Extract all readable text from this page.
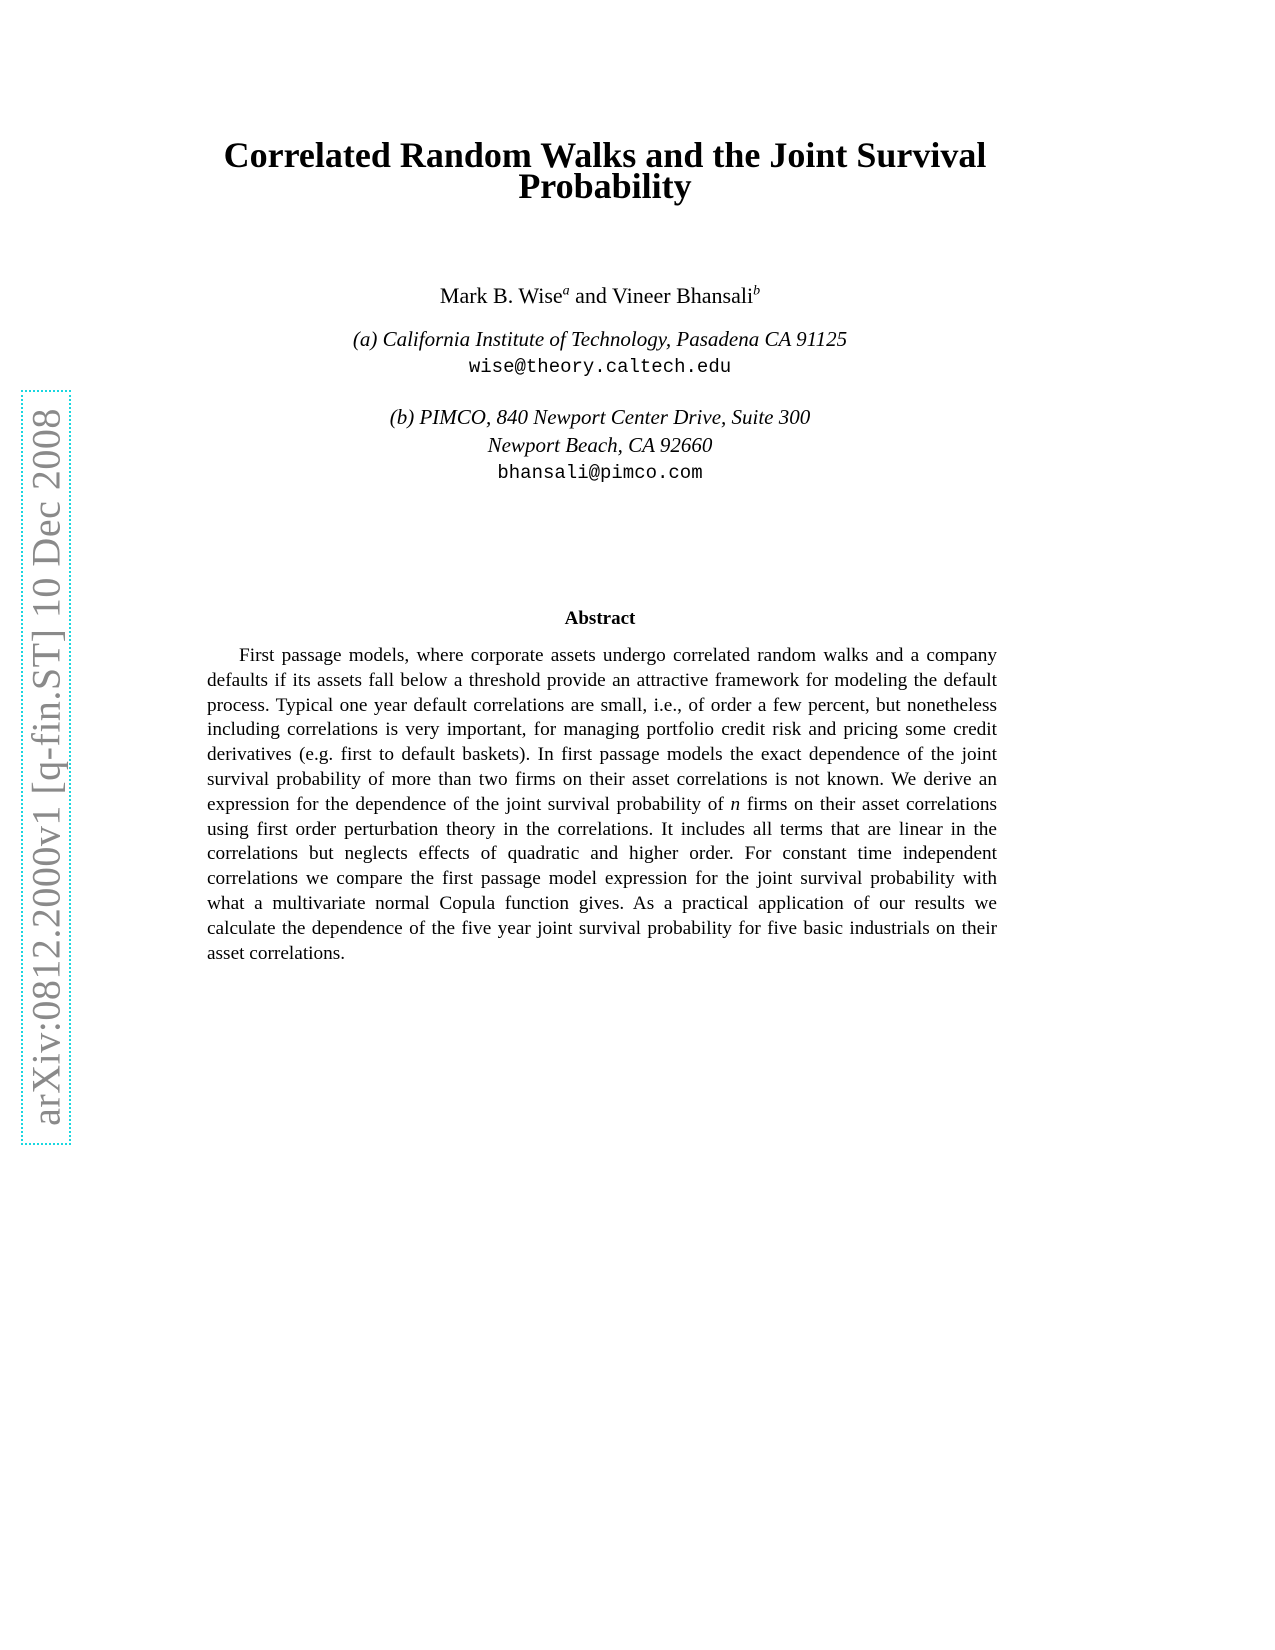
arXiv:0812.2000v1 [q-fin.ST] 10 Dec 2008
Correlated Random Walks and the Joint Survival
Probability
Mark B. Wise$^a$ and Vineer Bhansali$^b$
(a) California Institute of Technology, Pasadena CA 91125
wise@theory.caltech.edu
(b) PIMCO, 840 Newport Center Drive, Suite 300
Newport Beach, CA 92660
bhansali@pimco.com
Abstract

First passage models, where corporate assets undergo correlated random walks and a company defaults if its assets fall below a threshold provide an attractive framework for modeling the default process. Typical one year default correlations are small, i.e., of order a few percent, but nonetheless including correlations is very important, for managing portfolio credit risk and pricing some credit derivatives (e.g. first to default baskets). In first passage models the exact dependence of the joint survival probability of more than two firms on their asset correlations is not known. We derive an expression for the dependence of the joint survival probability of n firms on their asset correlations using first order perturbation theory in the correlations. It includes all terms that are linear in the correlations but neglects effects of quadratic and higher order. For constant time independent correlations we compare the first passage model expression for the joint survival probability with what a multivariate normal Copula function gives. As a practical application of our results we calculate the dependence of the five year joint survival probability for five basic industrials on their asset correlations.
